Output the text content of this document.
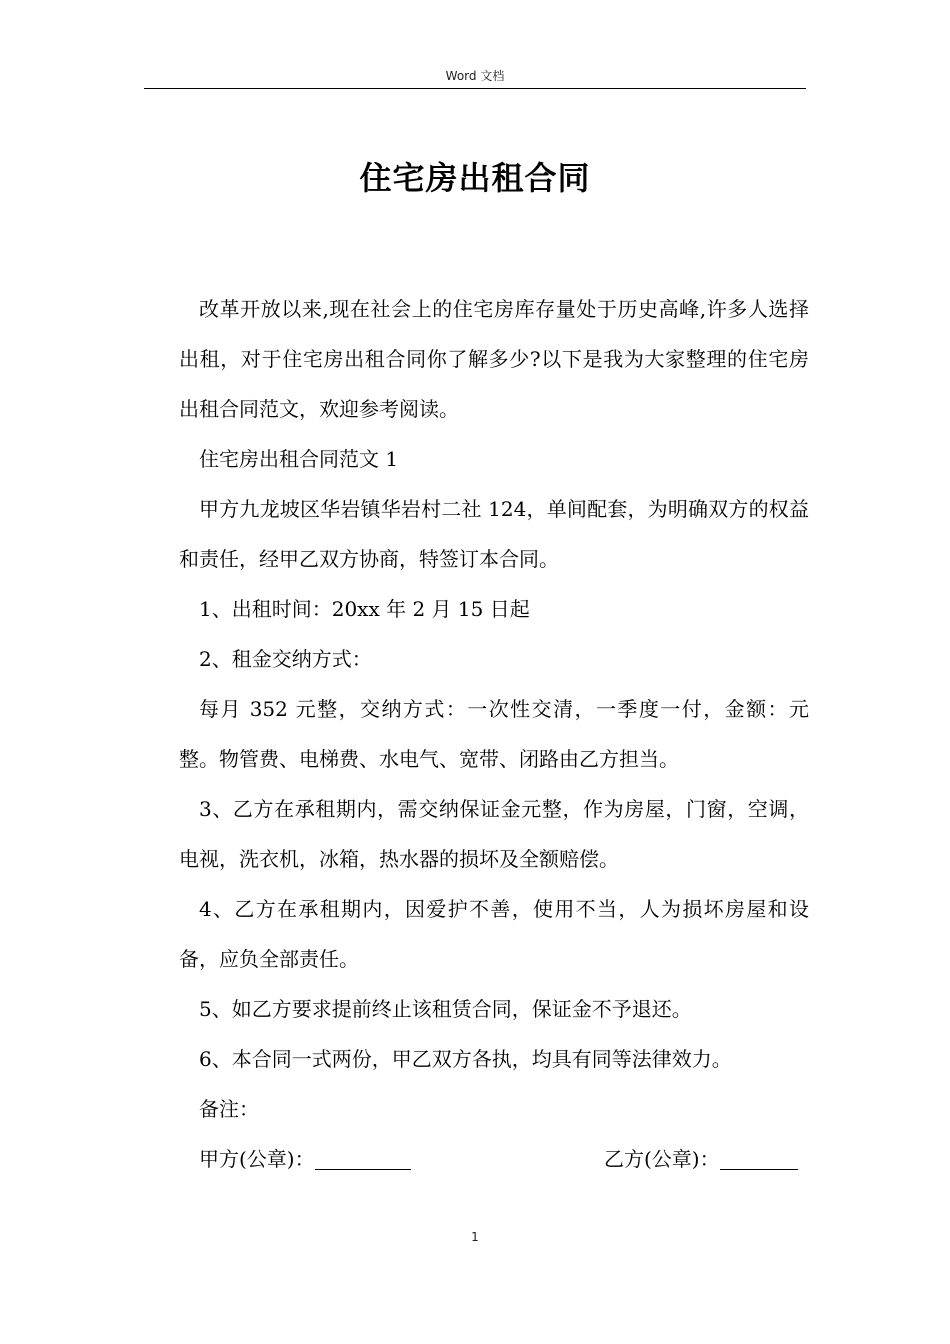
Word 文档
住宅房出租合同

改革开放以来,现在社会上的住宅房库存量处于历史高峰,许多人选择出租，对于住宅房出租合同你了解多少?以下是我为大家整理的住宅房出租合同范文，欢迎参考阅读。

住宅房出租合同范文 1

甲方九龙坡区华岩镇华岩村二社 124，单间配套，为明确双方的权益和责任，经甲乙双方协商，特签订本合同。

1、出租时间：20xx 年 2 月 15 日起

2、租金交纳方式：

每月 352 元整，交纳方式：一次性交清，一季度一付，金额：元整。物管费、电梯费、水电气、宽带、闭路由乙方担当。

3、乙方在承租期内，需交纳保证金元整，作为房屋，门窗，空调，电视，洗衣机，冰箱，热水器的损坏及全额赔偿。

4、乙方在承租期内，因爱护不善，使用不当，人为损坏房屋和设备，应负全部责任。

5、如乙方要求提前终止该租赁合同，保证金不予退还。

6、本合同一式两份，甲乙双方各执，均具有同等法律效力。

备注：

甲方(公章)：	乙方(公章)：
1
